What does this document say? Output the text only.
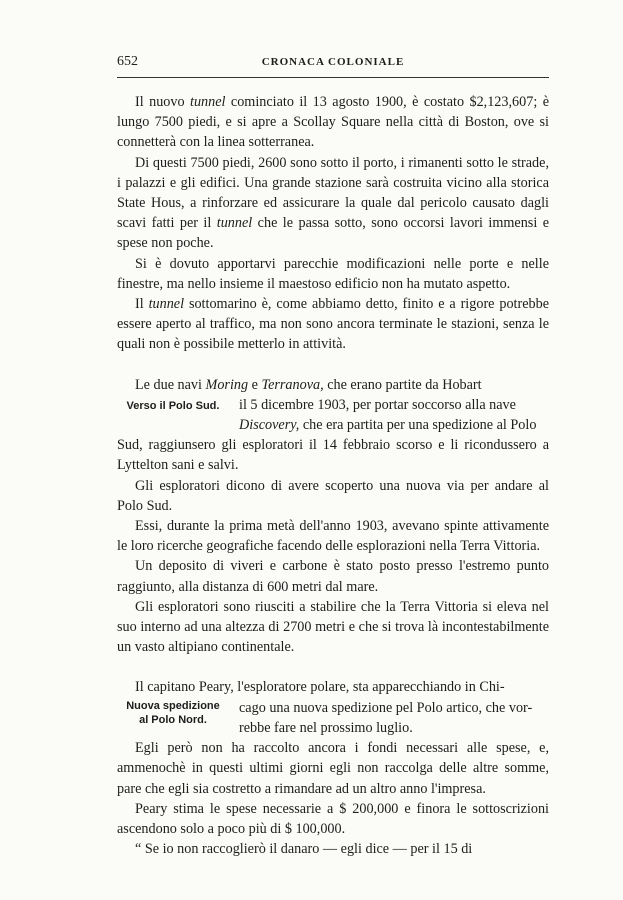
652	CRONACA COLONIALE

Il nuovo tunnel cominciato il 13 agosto 1900, è costato $2,123,607; è lungo 7500 piedi, e si apre a Scollay Square nella città di Boston, ove si connetterà con la linea sotterranea.

Di questi 7500 piedi, 2600 sono sotto il porto, i rimanenti sotto le strade, i palazzi e gli edifici. Una grande stazione sarà costruita vicino alla storica State Hous, a rinforzare ed assicurare la quale dal pericolo causato dagli scavi fatti per il tunnel che le passa sotto, sono occorsi lavori immensi e spese non poche.

Si è dovuto apportarvi parecchie modificazioni nelle porte e nelle finestre, ma nello insieme il maestoso edificio non ha mutato aspetto.

Il tunnel sottomarino è, come abbiamo detto, finito e a rigore potrebbe essere aperto al traffico, ma non sono ancora terminate le stazioni, senza le quali non è possibile metterlo in attività.

Verso il Polo Sud.

Le due navi Moring e Terranova, che erano partite da Hobart

il 5 dicembre 1903, per portar soccorso alla nave

Discovery, che era partita per una spedizione al Polo

Sud, raggiunsero gli esploratori il 14 febbraio scorso e li ricondussero a Lyttelton sani e salvi.

Gli esploratori dicono di avere scoperto una nuova via per andare al Polo Sud.

Essi, durante la prima metà dell'anno 1903, avevano spinte attivamente le loro ricerche geografiche facendo delle esplorazioni nella Terra Vittoria.

Un deposito di viveri e carbone è stato posto presso l'estremo punto raggiunto, alla distanza di 600 metri dal mare.

Gli esploratori sono riusciti a stabilire che la Terra Vittoria si eleva nel suo interno ad una altezza di 2700 metri e che si trova là incontestabilmente un vasto altipiano continentale.

Nuova spedizione
al Polo Nord.

Il capitano Peary, l'esploratore polare, sta apparecchiando in Chi-

cago una nuova spedizione pel Polo artico, che vor-

rebbe fare nel prossimo luglio.

Egli però non ha raccolto ancora i fondi necessari alle spese, e, ammenochè in questi ultimi giorni egli non raccolga delle altre somme, pare che egli sia costretto a rimandare ad un altro anno l'impresa.

Peary stima le spese necessarie a $ 200,000 e finora le sottoscrizioni ascendono solo a poco più di $ 100,000.

“ Se io non raccoglierò il danaro — egli dice — per il 15 di
